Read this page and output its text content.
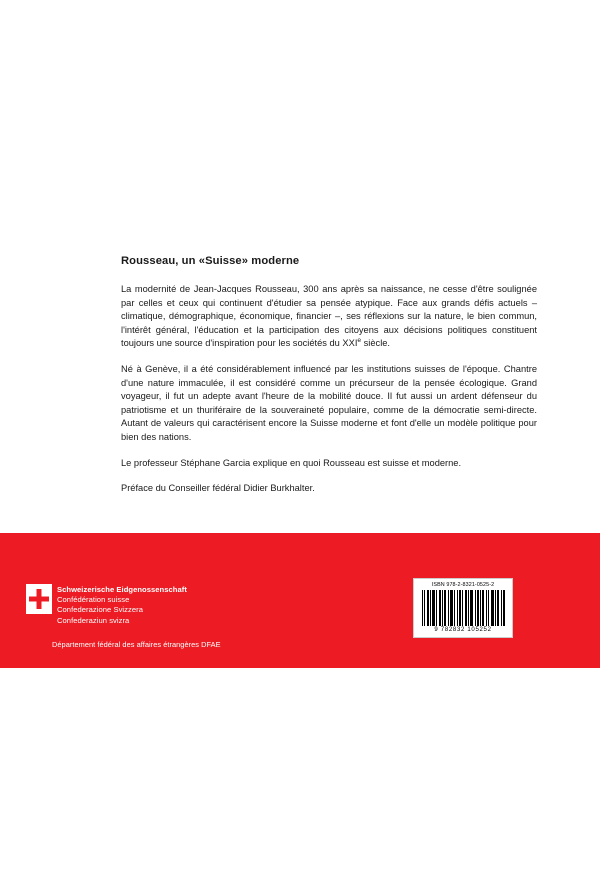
Rousseau, un «Suisse» moderne

La modernité de Jean-Jacques Rousseau, 300 ans après sa naissance, ne cesse d'être soulignée par celles et ceux qui continuent d'étudier sa pensée atypique. Face aux grands défis actuels – climatique, démographique, économique, financier –, ses réflexions sur la nature, le bien commun, l'intérêt général, l'éducation et la participation des citoyens aux décisions politiques constituent toujours une source d'inspiration pour les sociétés du XXIe siècle.

Né à Genève, il a été considérablement influencé par les institutions suisses de l'époque. Chantre d'une nature immaculée, il est considéré comme un précurseur de la pensée écologique. Grand voyageur, il fut un adepte avant l'heure de la mobilité douce. Il fut aussi un ardent défenseur du patriotisme et un thuriféraire de la souveraineté populaire, comme de la démocratie semi-directe. Autant de valeurs qui caractérisent encore la Suisse moderne et font d'elle un modèle politique pour bien des nations.

Le professeur Stéphane Garcia explique en quoi Rousseau est suisse et moderne.

Préface du Conseiller fédéral Didier Burkhalter.

Schweizerische Eidgenossenschaft
Confédération suisse
Confederazione Svizzera
Confederaziun svizra
Département fédéral des affaires étrangères DFAE
ISBN 978-2-8321-0525-2
9 782832 105252
